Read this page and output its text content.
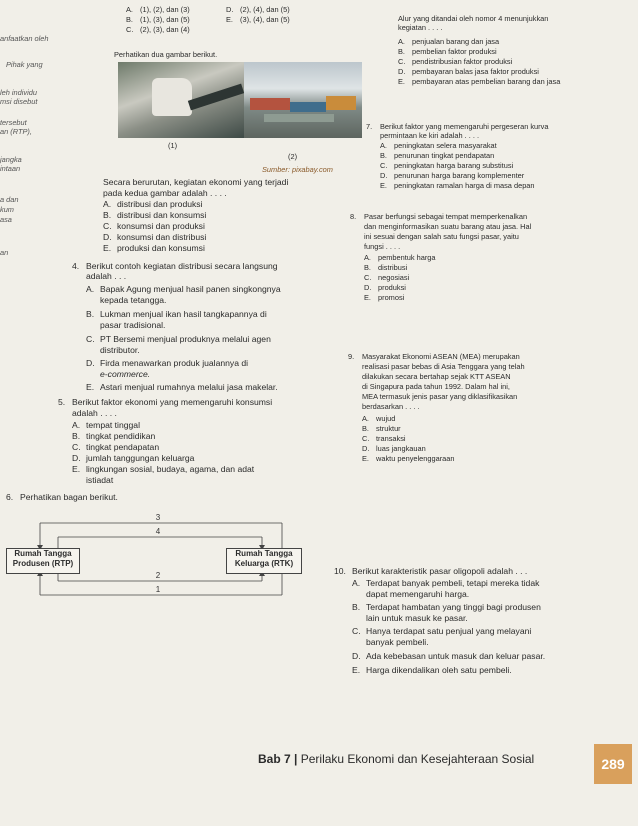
A. (1), (2), dan (3)
B. (1), (3), dan (5)
C. (2), (3), dan (4)
D. (2), (4), dan (5)
E. (3), (4), dan (5)
anfaatkan oleh
Pihak yang
leh individu
msi disebut
tersebut
an (RTP),
jangka
intaan
a dan
kum
asa
an
Perhatikan dua gambar berikut.
(1)
(2)
Sumber: pixabay.com
Secara berurutan, kegiatan ekonomi yang terjadi
pada kedua gambar adalah . . . .
A. distribusi dan produksi
B. distribusi dan konsumsi
C. konsumsi dan produksi
D. konsumsi dan distribusi
E. produksi dan konsumsi
4. Berikut contoh kegiatan distribusi secara langsung
adalah . . .
A. Bapak Agung menjual hasil panen singkongnya
kepada tetangga.
B. Lukman menjual ikan hasil tangkapannya di
pasar tradisional.
C. PT Bersemi menjual produknya melalui agen
distributor.
D. Firda menawarkan produk jualannya di
e-commerce.
E. Astari menjual rumahnya melalui jasa makelar.
5. Berikut faktor ekonomi yang memengaruhi konsumsi
adalah . . . .
A. tempat tinggal
B. tingkat pendidikan
C. tingkat pendapatan
D. jumlah tanggungan keluarga
E. lingkungan sosial, budaya, agama, dan adat
istiadat
6. Perhatikan bagan berikut.
3
4
2
1
Rumah Tangga
Produsen (RTP)
Rumah Tangga
Keluarga (RTK)
Alur yang ditandai oleh nomor 4 menunjukkan
kegiatan . . . .
A. penjualan barang dan jasa
B. pembelian faktor produksi
C. pendistribusian faktor produksi
D. pembayaran balas jasa faktor produksi
E. pembayaran atas pembelian barang dan jasa
7. Berikut faktor yang memengaruhi pergeseran kurva
permintaan ke kiri adalah . . . .
A. peningkatan selera masyarakat
B. penurunan tingkat pendapatan
C. peningkatan harga barang substitusi
D. penurunan harga barang komplementer
E. peningkatan ramalan harga di masa depan
8. Pasar berfungsi sebagai tempat memperkenalkan
dan menginformasikan suatu barang atau jasa. Hal
ini sesuai dengan salah satu fungsi pasar, yaitu
fungsi . . . .
A. pembentuk harga
B. distribusi
C. negosiasi
D. produksi
E. promosi
9. Masyarakat Ekonomi ASEAN (MEA) merupakan
realisasi pasar bebas di Asia Tenggara yang telah
dilakukan secara bertahap sejak KTT ASEAN
di Singapura pada tahun 1992. Dalam hal ini,
MEA termasuk jenis pasar yang diklasifikasikan
berdasarkan . . . .
A. wujud
B. struktur
C. transaksi
D. luas jangkauan
E. waktu penyelenggaraan
10. Berikut karakteristik pasar oligopoli adalah . . .
A. Terdapat banyak pembeli, tetapi mereka tidak
dapat memengaruhi harga.
B. Terdapat hambatan yang tinggi bagi produsen
lain untuk masuk ke pasar.
C. Hanya terdapat satu penjual yang melayani
banyak pembeli.
D. Ada kebebasan untuk masuk dan keluar pasar.
E. Harga dikendalikan oleh satu pembeli.
Bab 7 | Perilaku Ekonomi dan Kesejahteraan Sosial	289
